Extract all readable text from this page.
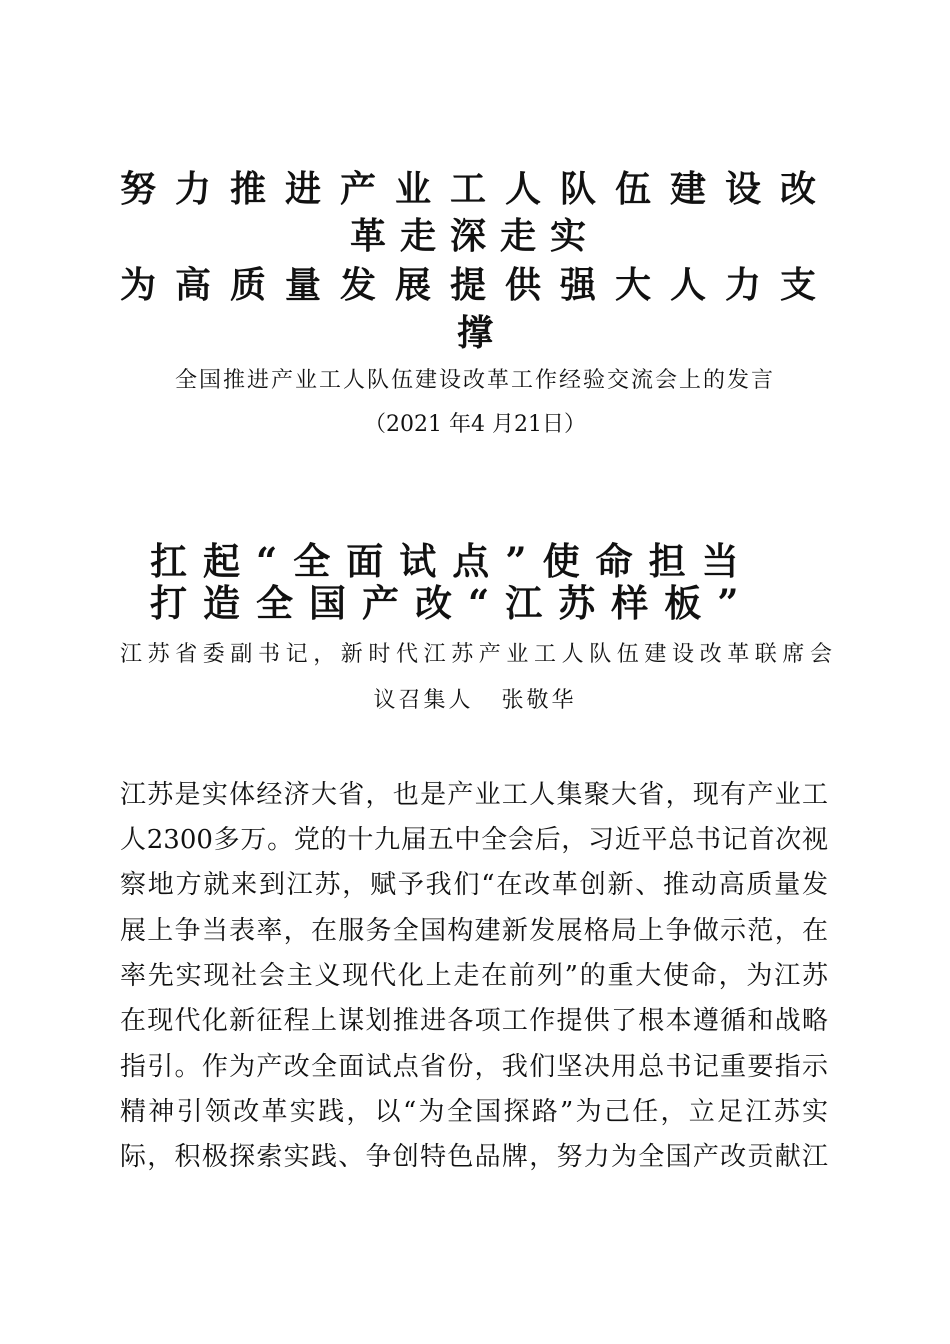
努力推进产业工人队伍建设改
革走深走实
为高质量发展提供强大人力支
撑

全国推进产业工人队伍建设改革工作经验交流会上的发言

（2021 年4 月21日）

扛起“全面试点”使命担当
打造全国产改“江苏样板”

江苏省委副书记，新时代江苏产业工人队伍建设改革联席会

议召集人 张敬华

江苏是实体经济大省，也是产业工人集聚大省，现有产业工

人2300多万。党的十九届五中全会后，习近平总书记首次视

察地方就来到江苏，赋予我们“在改革创新、推动高质量发

展上争当表率，在服务全国构建新发展格局上争做示范，在

率先实现社会主义现代化上走在前列”的重大使命，为江苏

在现代化新征程上谋划推进各项工作提供了根本遵循和战略

指引。作为产改全面试点省份，我们坚决用总书记重要指示

精神引领改革实践，以“为全国探路”为己任，立足江苏实

际，积极探索实践、争创特色品牌，努力为全国产改贡献江
